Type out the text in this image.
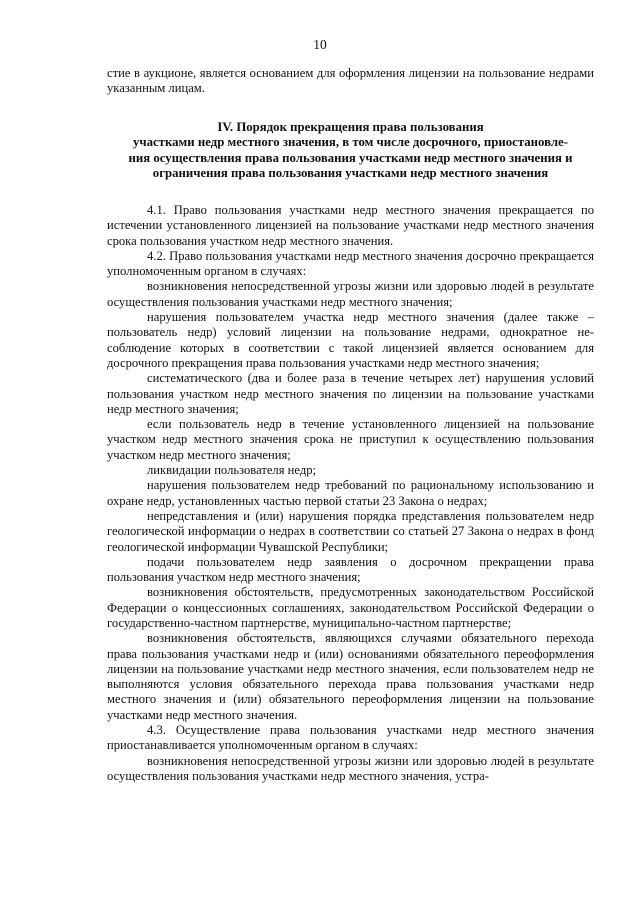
10

стие в аукционе, является основанием для оформления лицензии на пользование недрами указанным лицам.

IV. Порядок прекращения права пользования
участками недр местного значения, в том числе досрочного, приостановле-
ния осуществления права пользования участками недр местного значения и
ограничения права пользования участками недр местного значения

4.1. Право пользования участками недр местного значения прекращается по истечении установленного лицензией на пользование участками недр местного значения срока пользования участком недр местного значения.

4.2. Право пользования участками недр местного значения досрочно прекращается уполномоченным органом в случаях:

возникновения непосредственной угрозы жизни или здоровью людей в результате осуществления пользования участками недр местного значения;

нарушения пользователем участка недр местного значения (далее также – пользователь недр) условий лицензии на пользование недрами, однократное несоблюдение которых в соответствии с такой лицензией является основанием для досрочного прекращения права пользования участками недр местного значения;

систематического (два и более раза в течение четырех лет) нарушения условий пользования участком недр местного значения по лицензии на пользование участками недр местного значения;

если пользователь недр в течение установленного лицензией на пользование участком недр местного значения срока не приступил к осуществлению пользования участком недр местного значения;

ликвидации пользователя недр;

нарушения пользователем недр требований по рациональному использованию и охране недр, установленных частью первой статьи 23 Закона о недрах;

непредставления и (или) нарушения порядка представления пользователем недр геологической информации о недрах в соответствии со статьей 27 Закона о недрах в фонд геологической информации Чувашской Республики;

подачи пользователем недр заявления о досрочном прекращении права пользования участком недр местного значения;

возникновения обстоятельств, предусмотренных законодательством Российской Федерации о концессионных соглашениях, законодательством Российской Федерации о государственно-частном партнерстве, муниципально-частном партнерстве;

возникновения обстоятельств, являющихся случаями обязательного перехода права пользования участками недр и (или) основаниями обязательного переоформления лицензии на пользование участками недр местного значения, если пользователем недр не выполняются условия обязательного перехода права пользования участками недр местного значения и (или) обязательного переоформления лицензии на пользование участками недр местного значения.

4.3. Осуществление права пользования участками недр местного значения приостанавливается уполномоченным органом в случаях:

возникновения непосредственной угрозы жизни или здоровью людей в результате осуществления пользования участками недр местного значения, устра-
